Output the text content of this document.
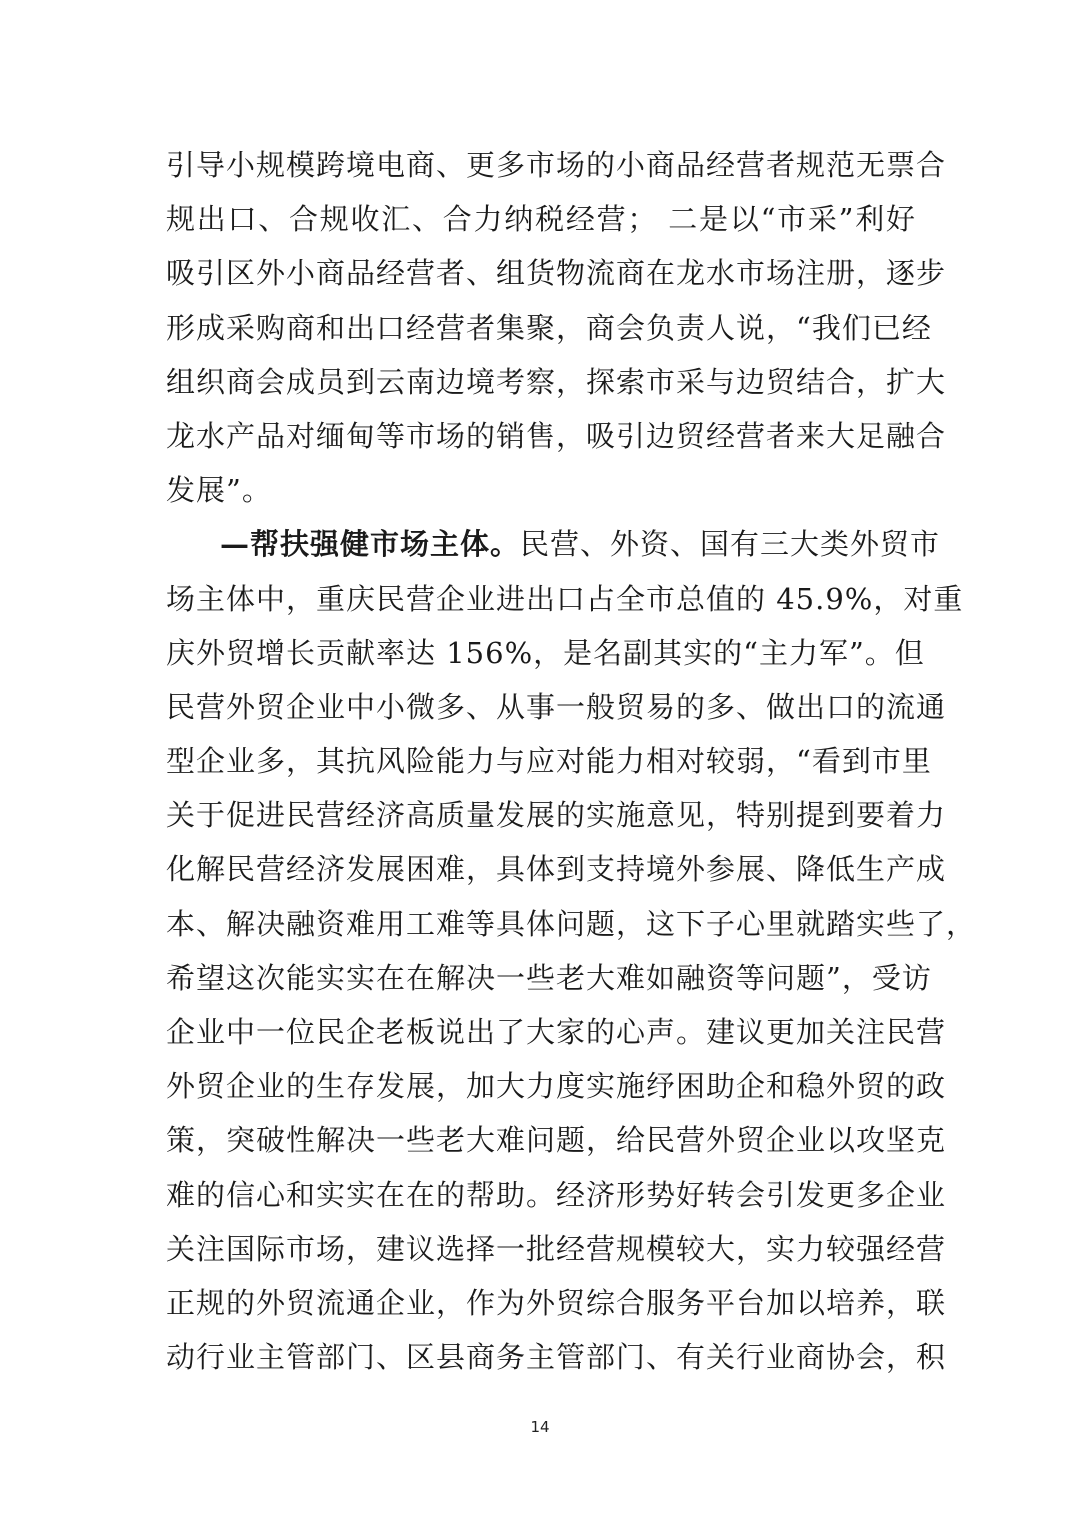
引导小规模跨境电商、更多市场的小商品经营者规范无票合
规出口、合规收汇、合力纳税经营； 二是以“市采”利好
吸引区外小商品经营者、组货物流商在龙水市场注册，逐步
形成采购商和出口经营者集聚，商会负责人说，“我们已经
组织商会成员到云南边境考察，探索市采与边贸结合，扩大
龙水产品对缅甸等市场的销售，吸引边贸经营者来大足融合
发展”。
—帮扶强健市场主体。民营、外资、国有三大类外贸市
场主体中，重庆民营企业进出口占全市总值的 45.9%，对重
庆外贸增长贡献率达 156%，是名副其实的“主力军”。但
民营外贸企业中小微多、从事一般贸易的多、做出口的流通
型企业多，其抗风险能力与应对能力相对较弱，“看到市里
关于促进民营经济高质量发展的实施意见，特别提到要着力
化解民营经济发展困难，具体到支持境外参展、降低生产成
本、解决融资难用工难等具体问题，这下子心里就踏实些了，
希望这次能实实在在解决一些老大难如融资等问题”，受访
企业中一位民企老板说出了大家的心声。建议更加关注民营
外贸企业的生存发展，加大力度实施纾困助企和稳外贸的政
策，突破性解决一些老大难问题，给民营外贸企业以攻坚克
难的信心和实实在在的帮助。经济形势好转会引发更多企业
关注国际市场，建议选择一批经营规模较大，实力较强经营
正规的外贸流通企业，作为外贸综合服务平台加以培养，联
动行业主管部门、区县商务主管部门、有关行业商协会，积
14
